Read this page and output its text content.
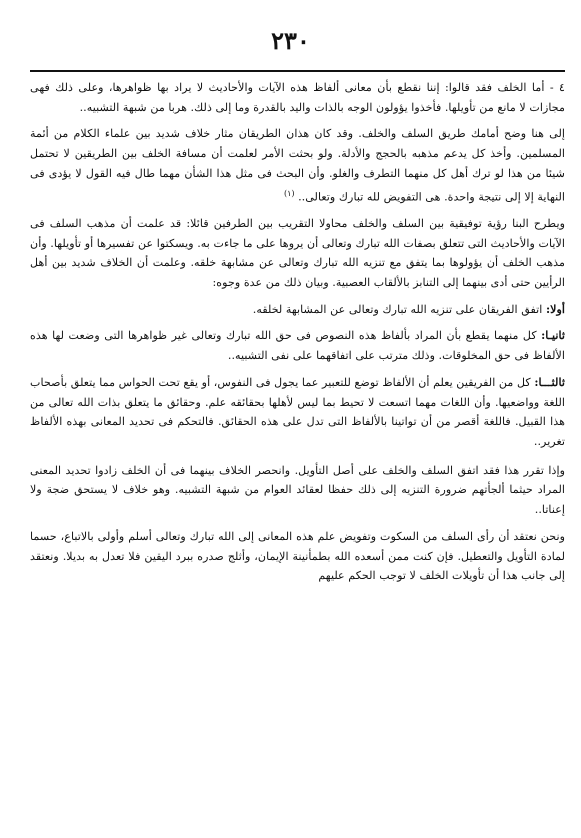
٢٣٠

٤ - أما الخلف فقد قالوا: إننا نقطع بأن معانى ألفاظ هذه الآيات والأحاديث لا يراد بها ظواهرها، وعلى ذلك فهى مجازات لا مانع من تأويلها. فأخذوا يؤولون الوجه بالذات واليد بالقدرة وما إلى ذلك. هربا من شبهة التشبيه..

إلى هنا وضح أمامك طريق السلف والخلف. وقد كان هذان الطريقان مثار خلاف شديد بين علماء الكلام من أئمة المسلمين. وأخذ كل يدعم مذهبه بالحجج والأدلة. ولو بحثت الأمر لعلمت أن مسافة الخلف بين الطريقين لا تحتمل شيئا من هذا لو ترك أهل كل منهما التطرف والغلو. وأن البحث فى مثل هذا الشأن مهما طال فيه القول لا يؤدى فى النهاية إلا إلى نتيجة واحدة. هى التفويض لله تبارك وتعالى.. $^{(١)}$

ويطرح البنا رؤية توفيقية بين السلف والخلف محاولا التقريب بين الطرفين قائلا: قد علمت أن مذهب السلف فى الآيات والأحاديث التى تتعلق بصفات الله تبارك وتعالى أن يروها على ما جاءت به. ويسكتوا عن تفسيرها أو تأويلها. وأن مذهب الخلف أن يؤولوها بما يتفق مع تنزيه الله تبارك وتعالى عن مشابهة خلقه. وعلمت أن الخلاف شديد بين أهل الرأيين حتى أدى بينهما إلى التنابز بالألقاب العصبية. وبيان ذلك من عدة وجوه:

أولا: اتفق الفريقان على تنزيه الله تبارك وتعالى عن المشابهة لخلقه.

ثانيـا: كل منهما يقطع بأن المراد بألفاظ هذه النصوص فى حق الله تبارك وتعالى غير ظواهرها التى وضعت لها هذه الألفاظ فى حق المخلوقات. وذلك مترتب على اتفاقهما على نفى التشبيه..

ثالثـــا: كل من الفريقين يعلم أن الألفاظ توضع للتعبير عما يجول فى النفوس، أو يقع تحت الحواس مما يتعلق بأصحاب اللغة وواضعيها. وأن اللغات مهما اتسعت لا تحيط بما ليس لأهلها بحقائقه علم. وحقائق ما يتعلق بذات الله تعالى من هذا القبيل. فاللغة أقصر من أن تواتينا بالألفاظ التى تدل على هذه الحقائق. فالتحكم فى تحديد المعانى بهذه الألفاظ تغرير..

وإذا تقرر هذا فقد اتفق السلف والخلف على أصل التأويل. وانحصر الخلاف بينهما فى أن الخلف زادوا تحديد المعنى المراد حيثما ألجأتهم ضرورة التنزيه إلى ذلك حفظا لعقائد العوام من شبهة التشبيه. وهو خلاف لا يستحق ضجة ولا إعناتا..

ونحن نعتقد أن رأى السلف من السكوت وتفويض علم هذه المعانى إلى الله تبارك وتعالى أسلم وأولى بالاتباع، حسما لمادة التأويل والتعطيل. فإن كنت ممن أسعده الله بطمأنينة الإيمان، وأثلج صدره ببرد اليقين فلا تعدل به بديلا. ونعتقد إلى جانب هذا أن تأويلات الخلف لا توجب الحكم عليهم
